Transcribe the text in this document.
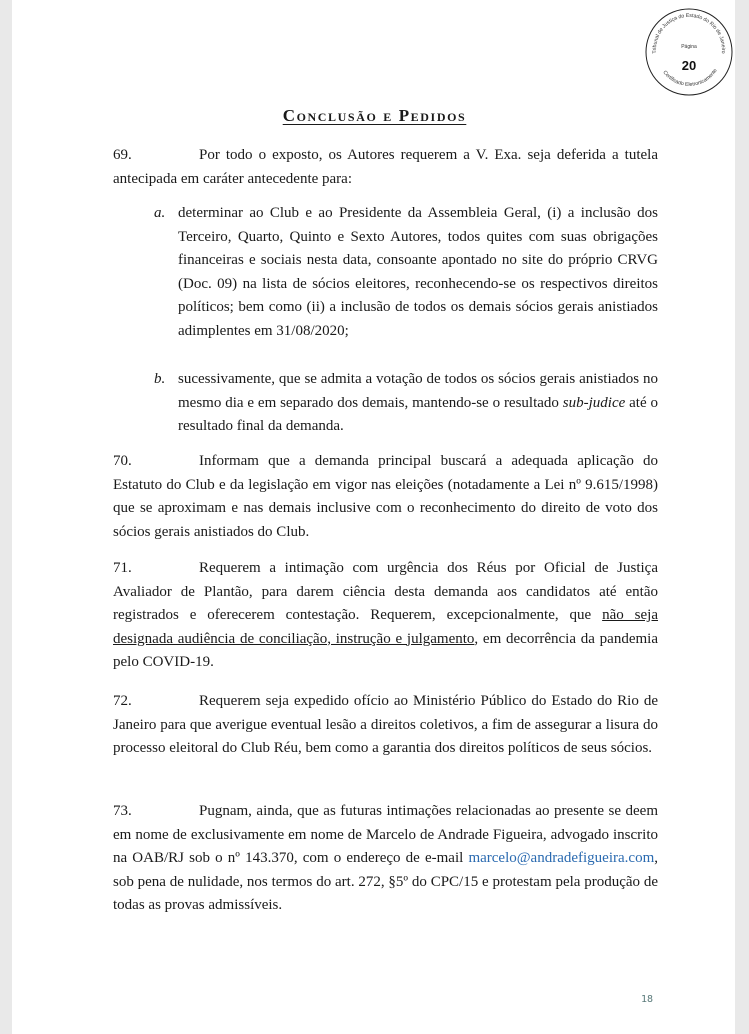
Tribunal de Justiça do Estado do Rio de Janeiro
Certificado Eletronicamente
Página
20
Conclusão e Pedidos
69.	Por todo o exposto, os Autores requerem a V. Exa. seja deferida a tutela antecipada em caráter antecedente para:
a. determinar ao Club e ao Presidente da Assembleia Geral, (i) a inclusão dos Terceiro, Quarto, Quinto e Sexto Autores, todos quites com suas obrigações financeiras e sociais nesta data, consoante apontado no site do próprio CRVG (Doc. 09) na lista de sócios eleitores, reconhecendo-se os respectivos direitos políticos; bem como (ii) a inclusão de todos os demais sócios gerais anistiados adimplentes em 31/08/2020;
b. sucessivamente, que se admita a votação de todos os sócios gerais anistiados no mesmo dia e em separado dos demais, mantendo-se o resultado sub-judice até o resultado final da demanda.
70.	Informam que a demanda principal buscará a adequada aplicação do Estatuto do Club e da legislação em vigor nas eleições (notadamente a Lei nº 9.615/1998) que se aproximam e nas demais inclusive com o reconhecimento do direito de voto dos sócios gerais anistiados do Club.
71.	Requerem a intimação com urgência dos Réus por Oficial de Justiça Avaliador de Plantão, para darem ciência desta demanda aos candidatos até então registrados e oferecerem contestação. Requerem, excepcionalmente, que não seja designada audiência de conciliação, instrução e julgamento, em decorrência da pandemia pelo COVID-19.
72.	Requerem seja expedido ofício ao Ministério Público do Estado do Rio de Janeiro para que averigue eventual lesão a direitos coletivos, a fim de assegurar a lisura do processo eleitoral do Club Réu, bem como a garantia dos direitos políticos de seus sócios.
73.	Pugnam, ainda, que as futuras intimações relacionadas ao presente se deem em nome de exclusivamente em nome de Marcelo de Andrade Figueira, advogado inscrito na OAB/RJ sob o nº 143.370, com o endereço de e-mail marcelo@andradefigueira.com, sob pena de nulidade, nos termos do art. 272, §5º do CPC/15 e protestam pela produção de todas as provas admissíveis.
18
